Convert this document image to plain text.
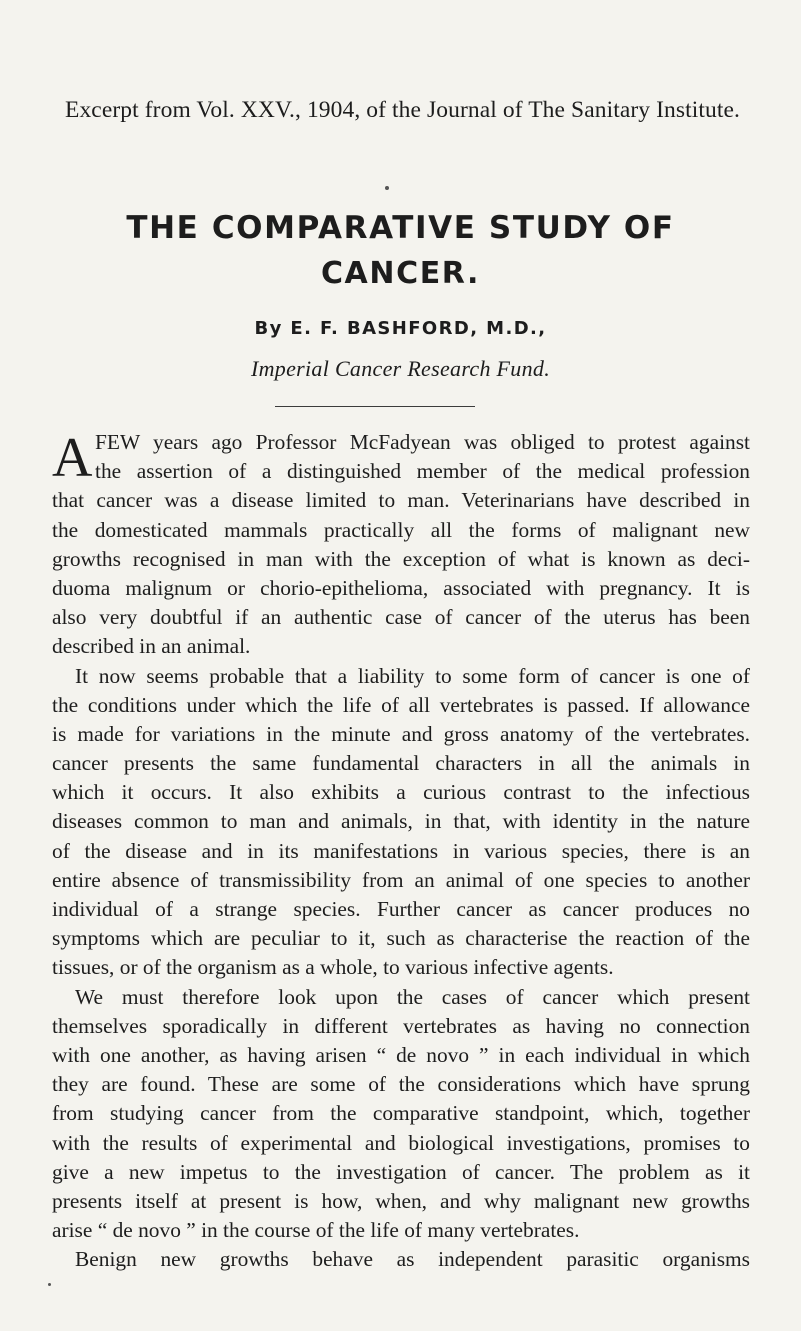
Excerpt from Vol. XXV., 1904, of the Journal of The Sanitary Institute.
THE COMPARATIVE STUDY OF
CANCER.
By E. F. BASHFORD, M.D.,
Imperial Cancer Research Fund.
A FEW years ago Professor McFadyean was obliged to protest against
the assertion of a distinguished member of the medical profession
that cancer was a disease limited to man. Veterinarians have described in
the domesticated mammals practically all the forms of malignant new
growths recognised in man with the exception of what is known as deci-
duoma malignum or chorio-epithelioma, associated with pregnancy. It is
also very doubtful if an authentic case of cancer of the uterus has been
described in an animal.
It now seems probable that a liability to some form of cancer is one of
the conditions under which the life of all vertebrates is passed. If allowance
is made for variations in the minute and gross anatomy of the vertebrates.
cancer presents the same fundamental characters in all the animals in
which it occurs. It also exhibits a curious contrast to the infectious
diseases common to man and animals, in that, with identity in the nature
of the disease and in its manifestations in various species, there is an
entire absence of transmissibility from an animal of one species to another
individual of a strange species. Further cancer as cancer produces no
symptoms which are peculiar to it, such as characterise the reaction of the
tissues, or of the organism as a whole, to various infective agents.
We must therefore look upon the cases of cancer which present
themselves sporadically in different vertebrates as having no connection
with one another, as having arisen “ de novo ” in each individual in which
they are found. These are some of the considerations which have sprung
from studying cancer from the comparative standpoint, which, together
with the results of experimental and biological investigations, promises to
give a new impetus to the investigation of cancer. The problem as it
presents itself at present is how, when, and why malignant new growths
arise “ de novo ” in the course of the life of many vertebrates.
Benign new growths behave as independent parasitic organisms
